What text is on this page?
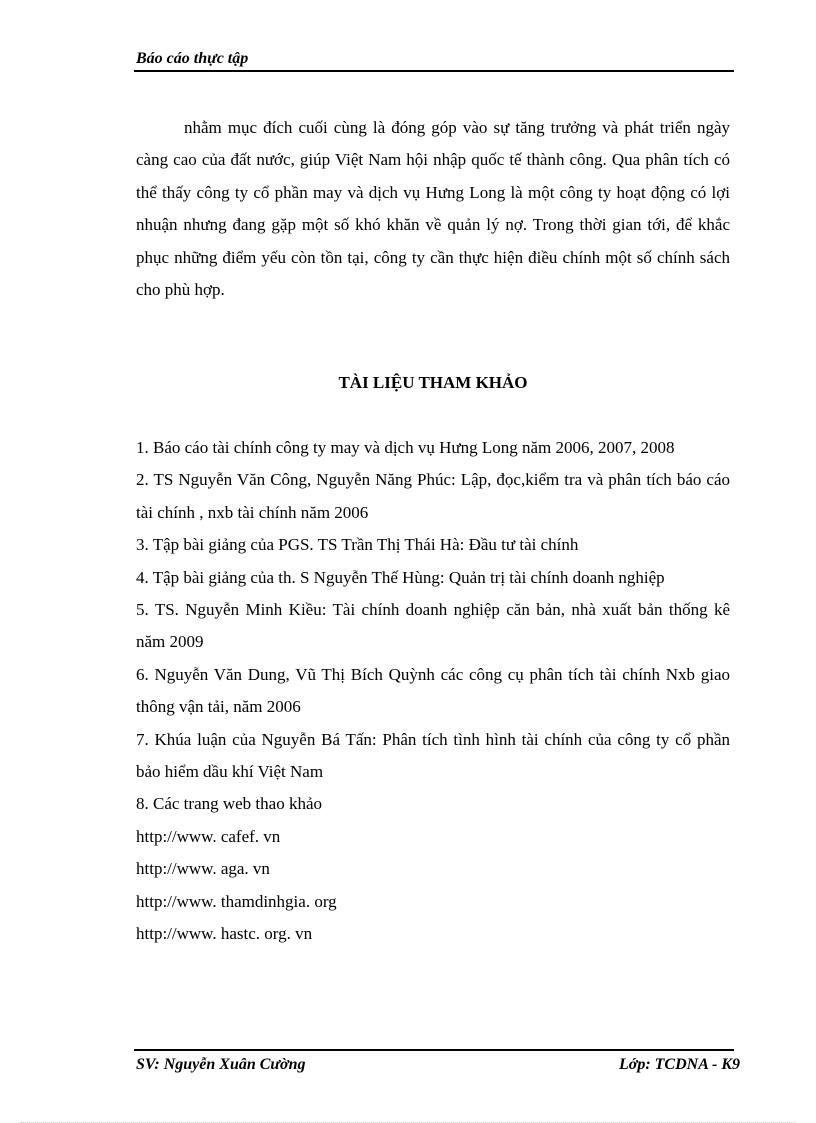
Báo cáo thực tập

nhằm mục đích cuối cùng là đóng góp vào sự tăng trưởng và phát triển ngày càng cao của đất nước, giúp Việt Nam hội nhập quốc tế thành công. Qua phân tích có thể thấy công ty cổ phần may và dịch vụ Hưng Long là một công ty hoạt động có lợi nhuận nhưng đang gặp một số khó khăn về quản lý nợ. Trong thời gian tới, để khắc phục những điểm yếu còn tồn tại, công ty cần thực hiện điều chính một số chính sách cho phù hợp.

TÀI LIỆU THAM KHẢO
1. Báo cáo tài chính công ty may và dịch vụ Hưng Long năm 2006, 2007, 2008
2. TS Nguyễn Văn Công, Nguyễn Năng Phúc: Lập, đọc,kiểm tra và phân tích báo cáo tài chính , nxb tài chính năm 2006
3. Tập bài giảng của PGS. TS Trần Thị Thái Hà: Đầu tư tài chính
4. Tập bài giảng của th. S Nguyễn Thế Hùng: Quản trị tài chính doanh nghiệp
5. TS. Nguyễn Minh Kiều: Tài chính doanh nghiệp căn bản, nhà xuất bản thống kê năm 2009
6. Nguyễn Văn Dung, Vũ Thị Bích Quỳnh các công cụ phân tích tài chính Nxb giao thông vận tải, năm 2006
7. Khúa luận của Nguyễn Bá Tấn: Phân tích tình hình tài chính của công ty cổ phần bảo hiểm dầu khí Việt Nam
8. Các trang web thao khảo
http://www. cafef. vn
http://www. aga. vn
http://www. thamdinhgia. org
http://www. hastc. org. vn
SV: Nguyễn Xuân Cường	Lớp: TCDNA - K9
